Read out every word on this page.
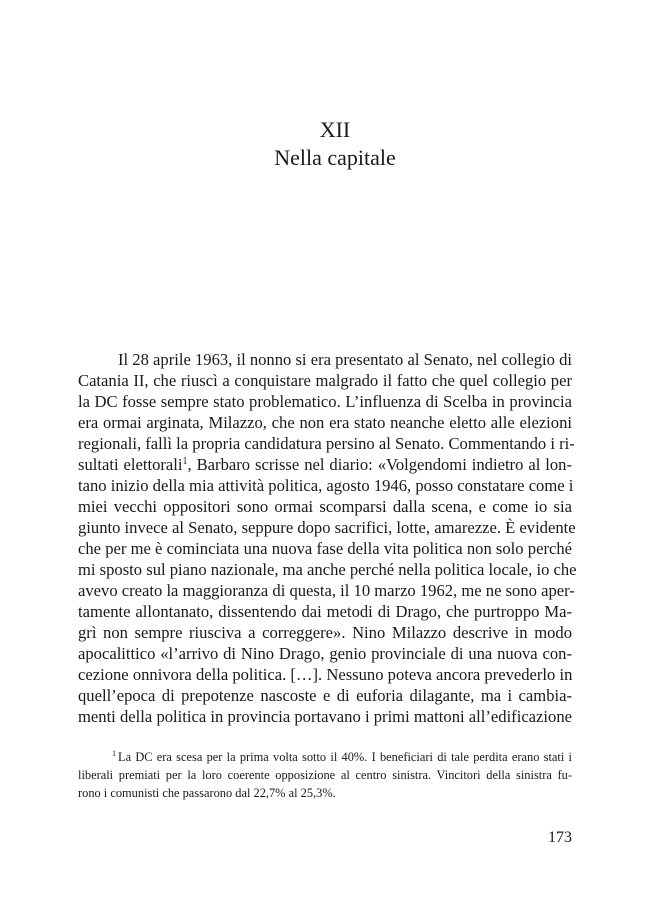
XII
Nella capitale
Il 28 aprile 1963, il nonno si era presentato al Senato, nel collegio di
Catania II, che riuscì a conquistare malgrado il fatto che quel collegio per
la DC fosse sempre stato problematico. L’influenza di Scelba in provincia
era ormai arginata, Milazzo, che non era stato neanche eletto alle elezioni
regionali, fallì la propria candidatura persino al Senato. Commentando i ri-
sultati elettorali$^1$, Barbaro scrisse nel diario: «Volgendomi indietro al lon-
tano inizio della mia attività politica, agosto 1946, posso constatare come i
miei vecchi oppositori sono ormai scomparsi dalla scena, e come io sia
giunto invece al Senato, seppure dopo sacrifici, lotte, amarezze. È evidente
che per me è cominciata una nuova fase della vita politica non solo perché
mi sposto sul piano nazionale, ma anche perché nella politica locale, io che
avevo creato la maggioranza di questa, il 10 marzo 1962, me ne sono aper-
tamente allontanato, dissentendo dai metodi di Drago, che purtroppo Ma-
grì non sempre riusciva a correggere». Nino Milazzo descrive in modo
apocalittico «l’arrivo di Nino Drago, genio provinciale di una nuova con-
cezione onnivora della politica. […]. Nessuno poteva ancora prevederlo in
quell’epoca di prepotenze nascoste e di euforia dilagante, ma i cambia-
menti della politica in provincia portavano i primi mattoni all’edificazione
$^1$ La DC era scesa per la prima volta sotto il 40%. I beneficiari di tale perdita erano stati i
liberali premiati per la loro coerente opposizione al centro sinistra. Vincitori della sinistra fu-
rono i comunisti che passarono dal 22,7% al 25,3%.
173
